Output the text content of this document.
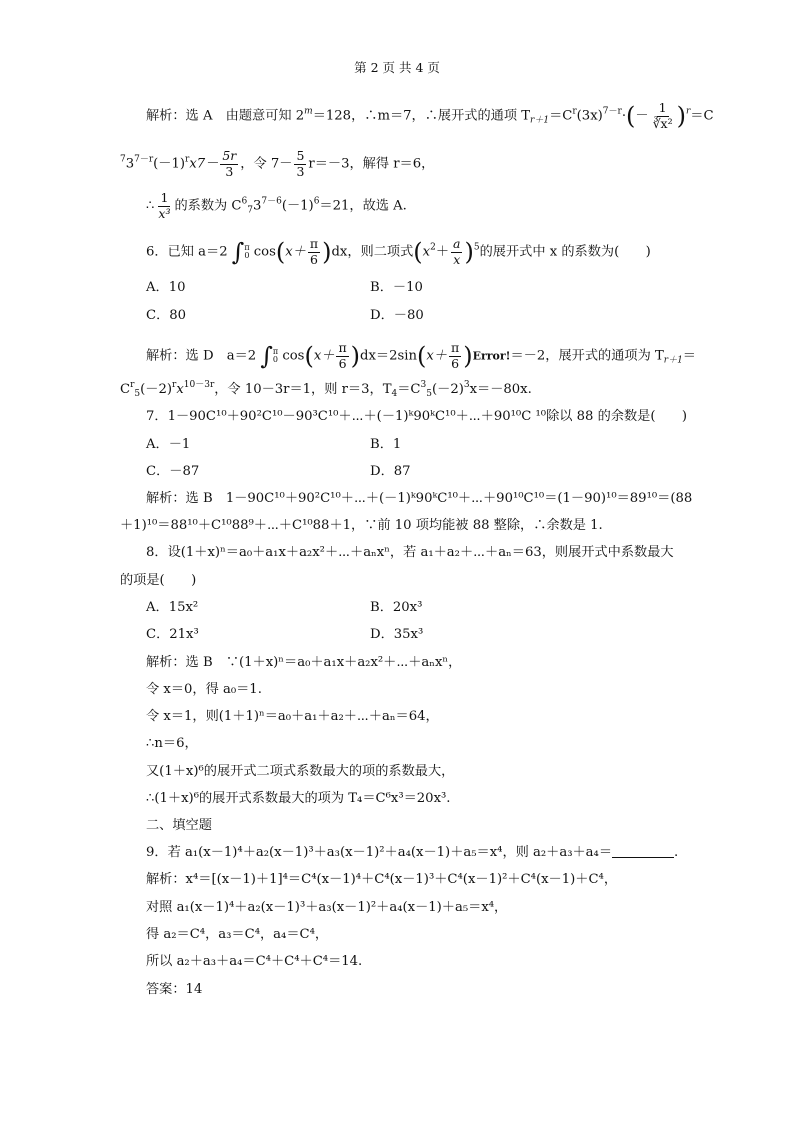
第 2 页 共 4 页
解析：选 A　由题意可知 $2^m=128$，∴m＝7，∴展开式的通项 $T_{r+1}=C^r(3x)^{7-r}\cdot(- \frac{1}{\text{∛x²}} )^r=C$
$^73^{7-r}(-1)^rx7- \frac{5r}{3}$ ，令 $7- \frac{5}{3} r=-3$，解得 r＝6，
∴ $\frac{1}{\text{x³}}$ 的系数为 $C^6_73^{7-6}(-1)^6=21$，故选 A.
6．已知 a＝2 ∫ π
0 $\cos(x+ \frac{\pi}{6} )dx$，则二项式$(x^2+ \frac{a}{x} )^5$的展开式中 x 的系数为(　　)
A．10	B．－10
C．80	D．－80
解析：选 D　a＝2 ∫ π
0 $\cos(x+ \frac{\pi}{6} )dx=2\sin(x+ \frac{\pi}{6}$ )Error!＝－2，展开式的通项为 $T_{r+1}=$
$C^r_5(-2)^rx^{10-3r}$，令 10－3r＝1，则 r＝3，$T_4=C^3_5(-2)^3x=-80x$.
7．1－90C¹⁰＋90²C¹⁰－90³C¹⁰＋⋯＋(－1)ᵏ90ᵏC¹⁰＋⋯＋90¹⁰C ¹⁰除以 88 的余数是(　　)
A．－1	B．1
C．－87	D．87
解析：选 B　1－90C¹⁰＋90²C¹⁰＋⋯＋(－1)ᵏ90ᵏC¹⁰＋⋯＋90¹⁰C¹⁰＝(1－90)¹⁰＝89¹⁰＝(88
＋1)¹⁰＝88¹⁰＋C¹⁰88⁹＋⋯＋C¹⁰88＋1，∵前 10 项均能被 88 整除，∴余数是 1.
8．设(1＋x)ⁿ＝a₀＋a₁x＋a₂x²＋⋯＋aₙxⁿ，若 a₁＋a₂＋⋯＋aₙ＝63，则展开式中系数最大
的项是(　　)
A．15x²	B．20x³
C．21x³	D．35x³
解析：选 B　∵(1＋x)ⁿ＝a₀＋a₁x＋a₂x²＋⋯＋aₙxⁿ，
令 x＝0，得 a₀＝1.
令 x＝1，则(1＋1)ⁿ＝a₀＋a₁＋a₂＋⋯＋aₙ＝64，
∴n＝6，
又(1＋x)⁶的展开式二项式系数最大的项的系数最大，
∴(1＋x)⁶的展开式系数最大的项为 T₄＝C⁶x³＝20x³.
二、填空题
9．若 a₁(x－1)⁴＋a₂(x－1)³＋a₃(x－1)²＋a₄(x－1)＋a₅＝x⁴，则 a₂＋a₃＋a₄＝	.
解析：x⁴＝[(x－1)＋1]⁴＝C⁴(x－1)⁴＋C⁴(x－1)³＋C⁴(x－1)²＋C⁴(x－1)＋C⁴，
对照 a₁(x－1)⁴＋a₂(x－1)³＋a₃(x－1)²＋a₄(x－1)＋a₅＝x⁴，
得 a₂＝C⁴，a₃＝C⁴，a₄＝C⁴，
所以 a₂＋a₃＋a₄＝C⁴＋C⁴＋C⁴＝14.
答案：14
